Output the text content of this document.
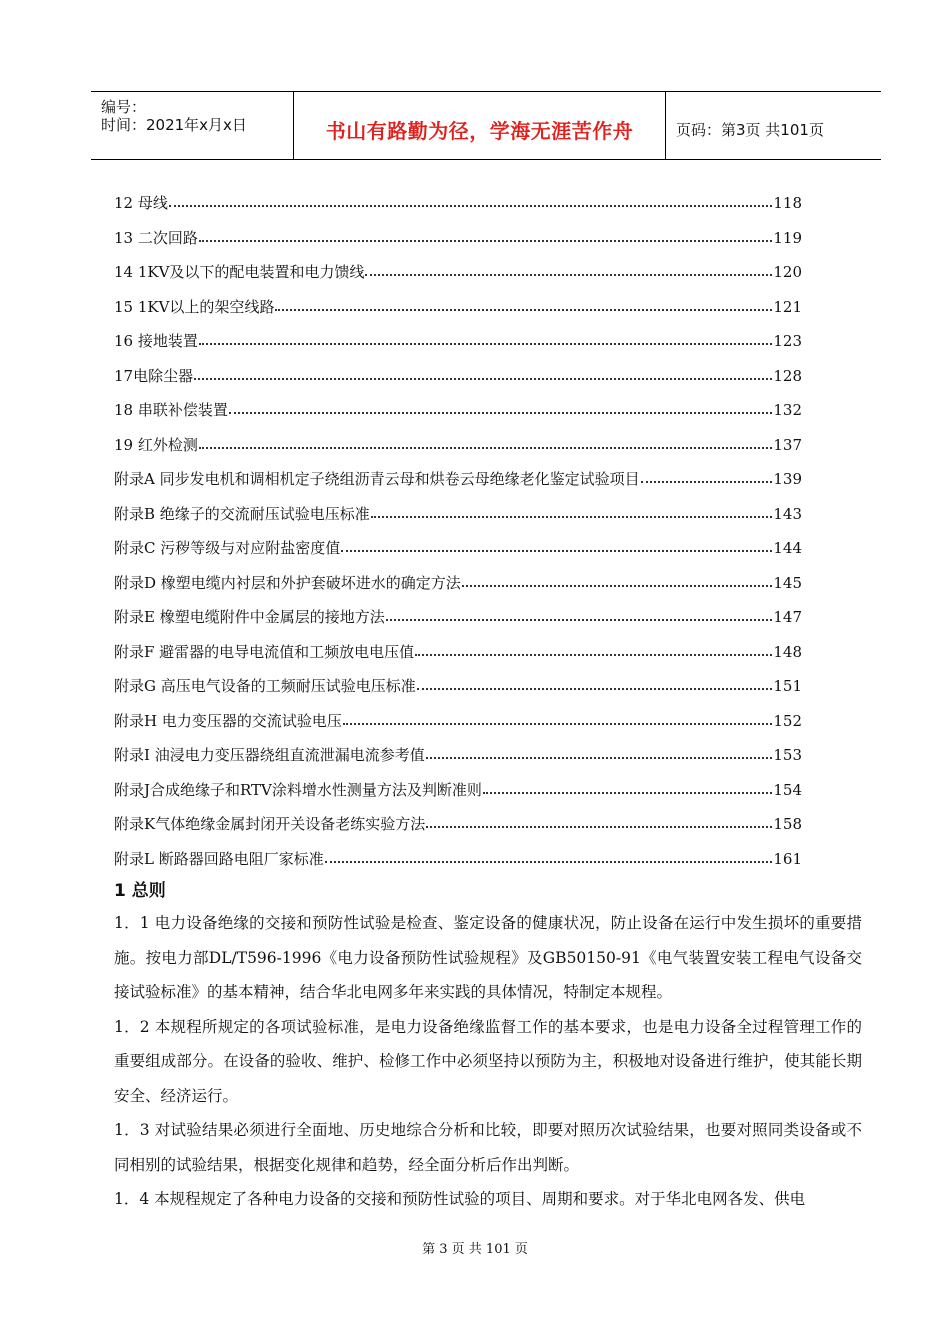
编号：
时间：2021年x月x日	书山有路勤为径，学海无涯苦作舟	页码：第3页 共101页
12 母线	118
13 二次回路	119
14 1KV及以下的配电装置和电力馈线	120
15 1KV以上的架空线路	121
16 接地装置	123
17电除尘器	128
18 串联补偿装置	132
19 红外检测	137
附录A 同步发电机和调相机定子绕组沥青云母和烘卷云母绝缘老化鉴定试验项目	139
附录B 绝缘子的交流耐压试验电压标准	143
附录C 污秽等级与对应附盐密度值	144
附录D 橡塑电缆内衬层和外护套破坏进水的确定方法	145
附录E 橡塑电缆附件中金属层的接地方法	147
附录F 避雷器的电导电流值和工频放电电压值	148
附录G 高压电气设备的工频耐压试验电压标准	151
附录H 电力变压器的交流试验电压	152
附录I 油浸电力变压器绕组直流泄漏电流参考值	153
附录J合成绝缘子和RTV涂料增水性测量方法及判断准则	154
附录K气体绝缘金属封闭开关设备老练实验方法	158
附录L 断路器回路电阻厂家标准	161
1 总则

1．1 电力设备绝缘的交接和预防性试验是检查、鉴定设备的健康状况，防止设备在运行中发生损坏的重要措施。按电力部DL/T596-1996《电力设备预防性试验规程》及GB50150-91《电气装置安装工程电气设备交接试验标准》的基本精神，结合华北电网多年来实践的具体情况，特制定本规程。

1．2 本规程所规定的各项试验标准，是电力设备绝缘监督工作的基本要求，也是电力设备全过程管理工作的重要组成部分。在设备的验收、维护、检修工作中必须坚持以预防为主，积极地对设备进行维护，使其能长期安全、经济运行。

1．3 对试验结果必须进行全面地、历史地综合分析和比较，即要对照历次试验结果，也要对照同类设备或不同相别的试验结果，根据变化规律和趋势，经全面分析后作出判断。

1．4 本规程规定了各种电力设备的交接和预防性试验的项目、周期和要求。对于华北电网各发、供电

第 3 页 共 101 页
